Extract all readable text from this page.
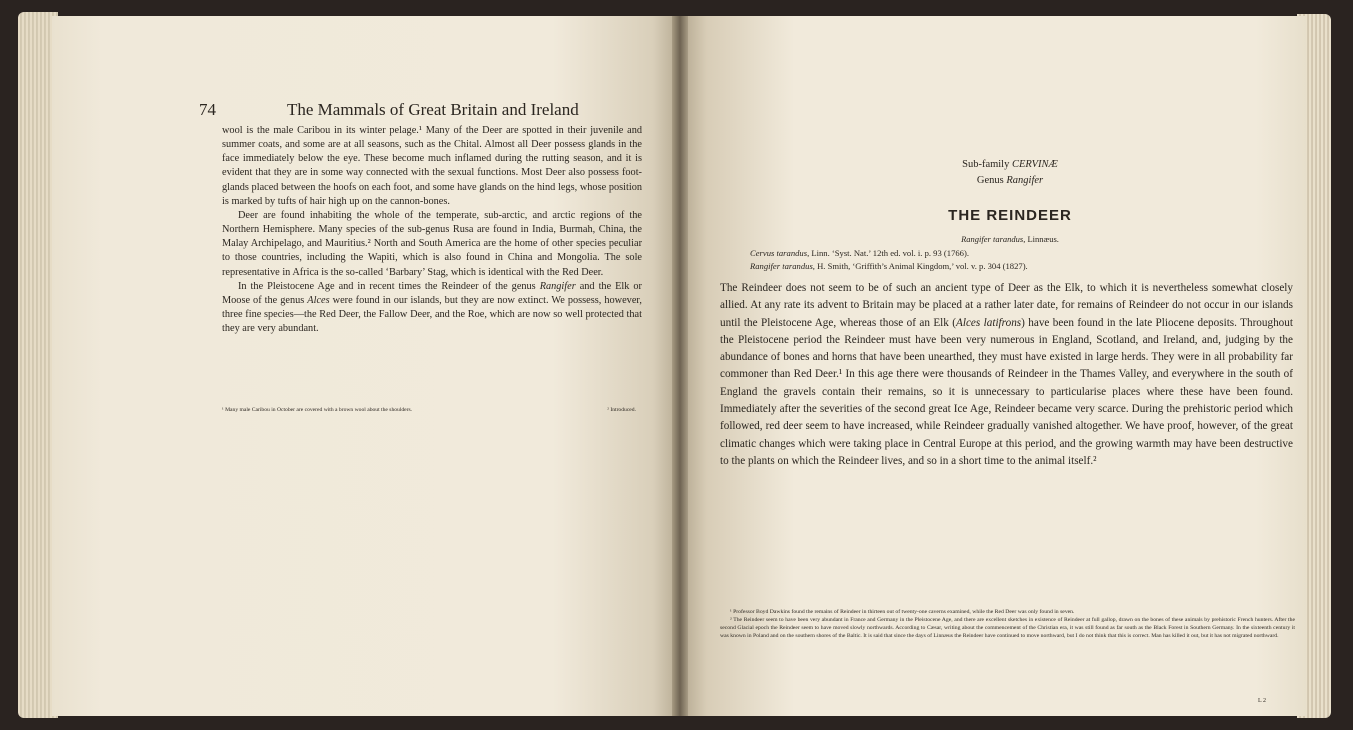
74	The Mammals of Great Britain and Ireland

wool is the male Caribou in its winter pelage.¹ Many of the Deer are spotted in their juvenile and summer coats, and some are at all seasons, such as the Chital. Almost all Deer possess glands in the face immediately below the eye. These become much inflamed during the rutting season, and it is evident that they are in some way connected with the sexual functions. Most Deer also possess foot-glands placed between the hoofs on each foot, and some have glands on the hind legs, whose position is marked by tufts of hair high up on the cannon-bones.

Deer are found inhabiting the whole of the temperate, sub-arctic, and arctic regions of the Northern Hemisphere. Many species of the sub-genus Rusa are found in India, Burmah, China, the Malay Archipelago, and Mauritius.² North and South America are the home of other species peculiar to those countries, including the Wapiti, which is also found in China and Mongolia. The sole representative in Africa is the so-called ‘Barbary’ Stag, which is identical with the Red Deer.

In the Pleistocene Age and in recent times the Reindeer of the genus Rangifer and the Elk or Moose of the genus Alces were found in our islands, but they are now extinct. We possess, however, three fine species—the Red Deer, the Fallow Deer, and the Roe, which are now so well protected that they are very abundant.

² Introduced.
¹ Many male Caribou in October are covered with a brown wool about the shoulders.
Sub-family CERVINÆ
Genus Rangifer
THE REINDEER
Rangifer tarandus, Linnæus.
Cervus tarandus, Linn. ‘Syst. Nat.’ 12th ed. vol. i. p. 93 (1766).
Rangifer tarandus, H. Smith, ‘Griffith’s Animal Kingdom,’ vol. v. p. 304 (1827).

The Reindeer does not seem to be of such an ancient type of Deer as the Elk, to which it is nevertheless somewhat closely allied. At any rate its advent to Britain may be placed at a rather later date, for remains of Reindeer do not occur in our islands until the Pleistocene Age, whereas those of an Elk (Alces latifrons) have been found in the late Pliocene deposits. Throughout the Pleistocene period the Reindeer must have been very numerous in England, Scotland, and Ireland, and, judging by the abundance of bones and horns that have been unearthed, they must have existed in large herds. They were in all probability far commoner than Red Deer.¹ In this age there were thousands of Reindeer in the Thames Valley, and everywhere in the south of England the gravels contain their remains, so it is unnecessary to particularise places where these have been found. Immediately after the severities of the second great Ice Age, Reindeer became very scarce. During the prehistoric period which followed, red deer seem to have increased, while Reindeer gradually vanished altogether. We have proof, however, of the great climatic changes which were taking place in Central Europe at this period, and the growing warmth may have been destructive to the plants on which the Reindeer lives, and so in a short time to the animal itself.²

¹ Professor Boyd Dawkins found the remains of Reindeer in thirteen out of twenty-one caverns examined, while the Red Deer was only found in seven.

² The Reindeer seem to have been very abundant in France and Germany in the Pleistocene Age, and there are excellent sketches in existence of Reindeer at full gallop, drawn on the bones of these animals by prehistoric French hunters. After the second Glacial epoch the Reindeer seem to have moved slowly northwards. According to Cæsar, writing about the commencement of the Christian era, it was still found as far south as the Black Forest in Southern Germany. In the sixteenth century it was known in Poland and on the southern shores of the Baltic. It is said that since the days of Linnæus the Reindeer have continued to move northward, but I do not think that this is correct. Man has killed it out, but it has not migrated northward.

L 2
